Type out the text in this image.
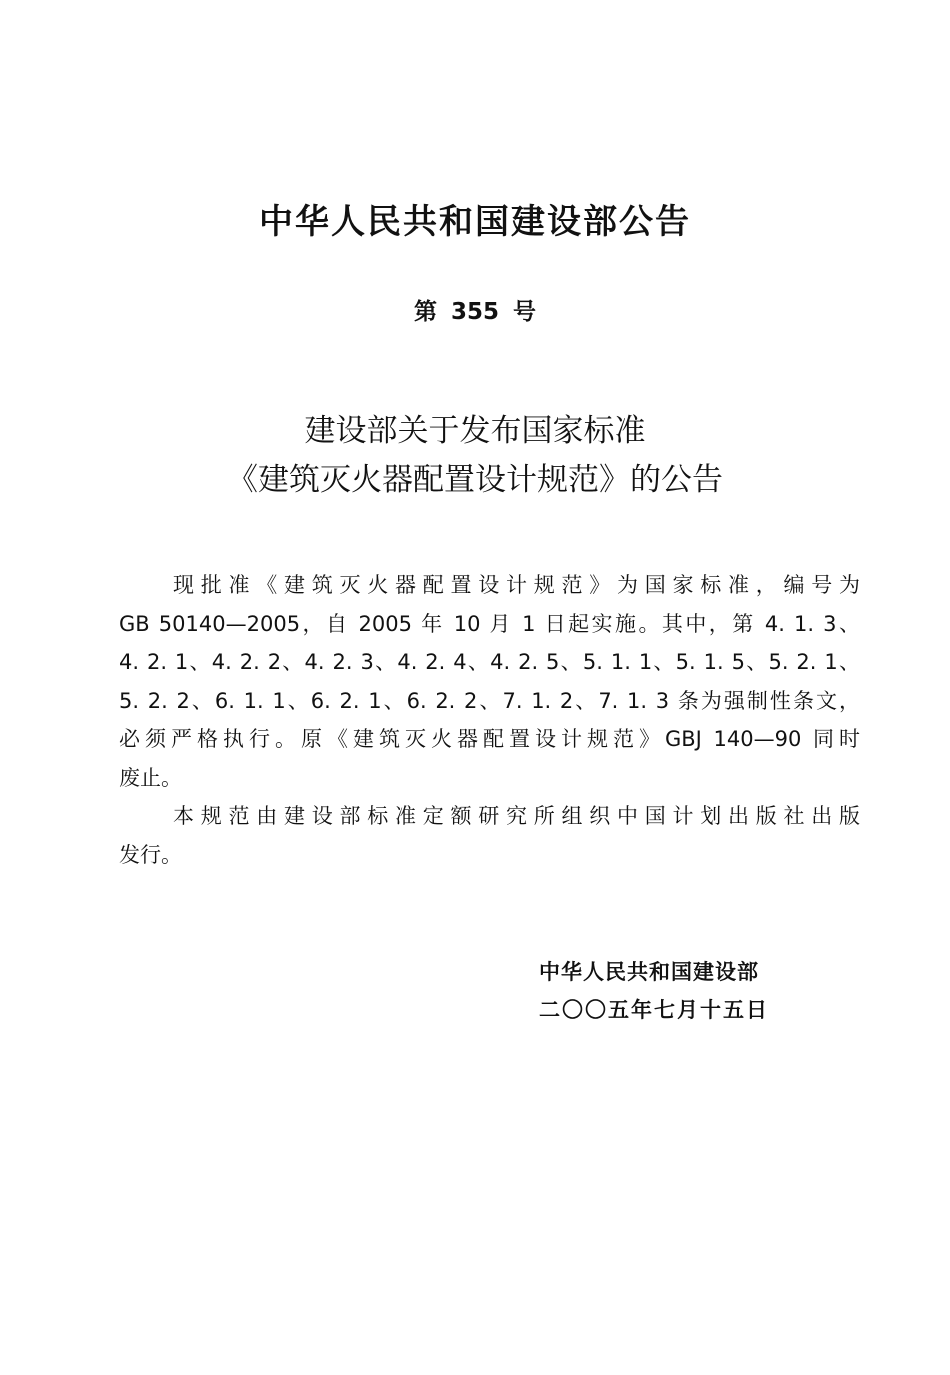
中华人民共和国建设部公告
第 355 号
建设部关于发布国家标准
《建筑灭火器配置设计规范》的公告
现批准《建筑灭火器配置设计规范》为国家标准，编号为
GB 50140—2005，自 2005 年 10 月 1 日起实施。其中，第 4. 1. 3、
4. 2. 1、4. 2. 2、4. 2. 3、4. 2. 4、4. 2. 5、5. 1. 1、5. 1. 5、5. 2. 1、
5. 2. 2、6. 1. 1、6. 2. 1、6. 2. 2、7. 1. 2、7. 1. 3 条为强制性条文，
必须严格执行。原《建筑灭火器配置设计规范》GBJ 140—90 同时
废止。
本规范由建设部标准定额研究所组织中国计划出版社出版
发行。
中华人民共和国建设部
二〇〇五年七月十五日
